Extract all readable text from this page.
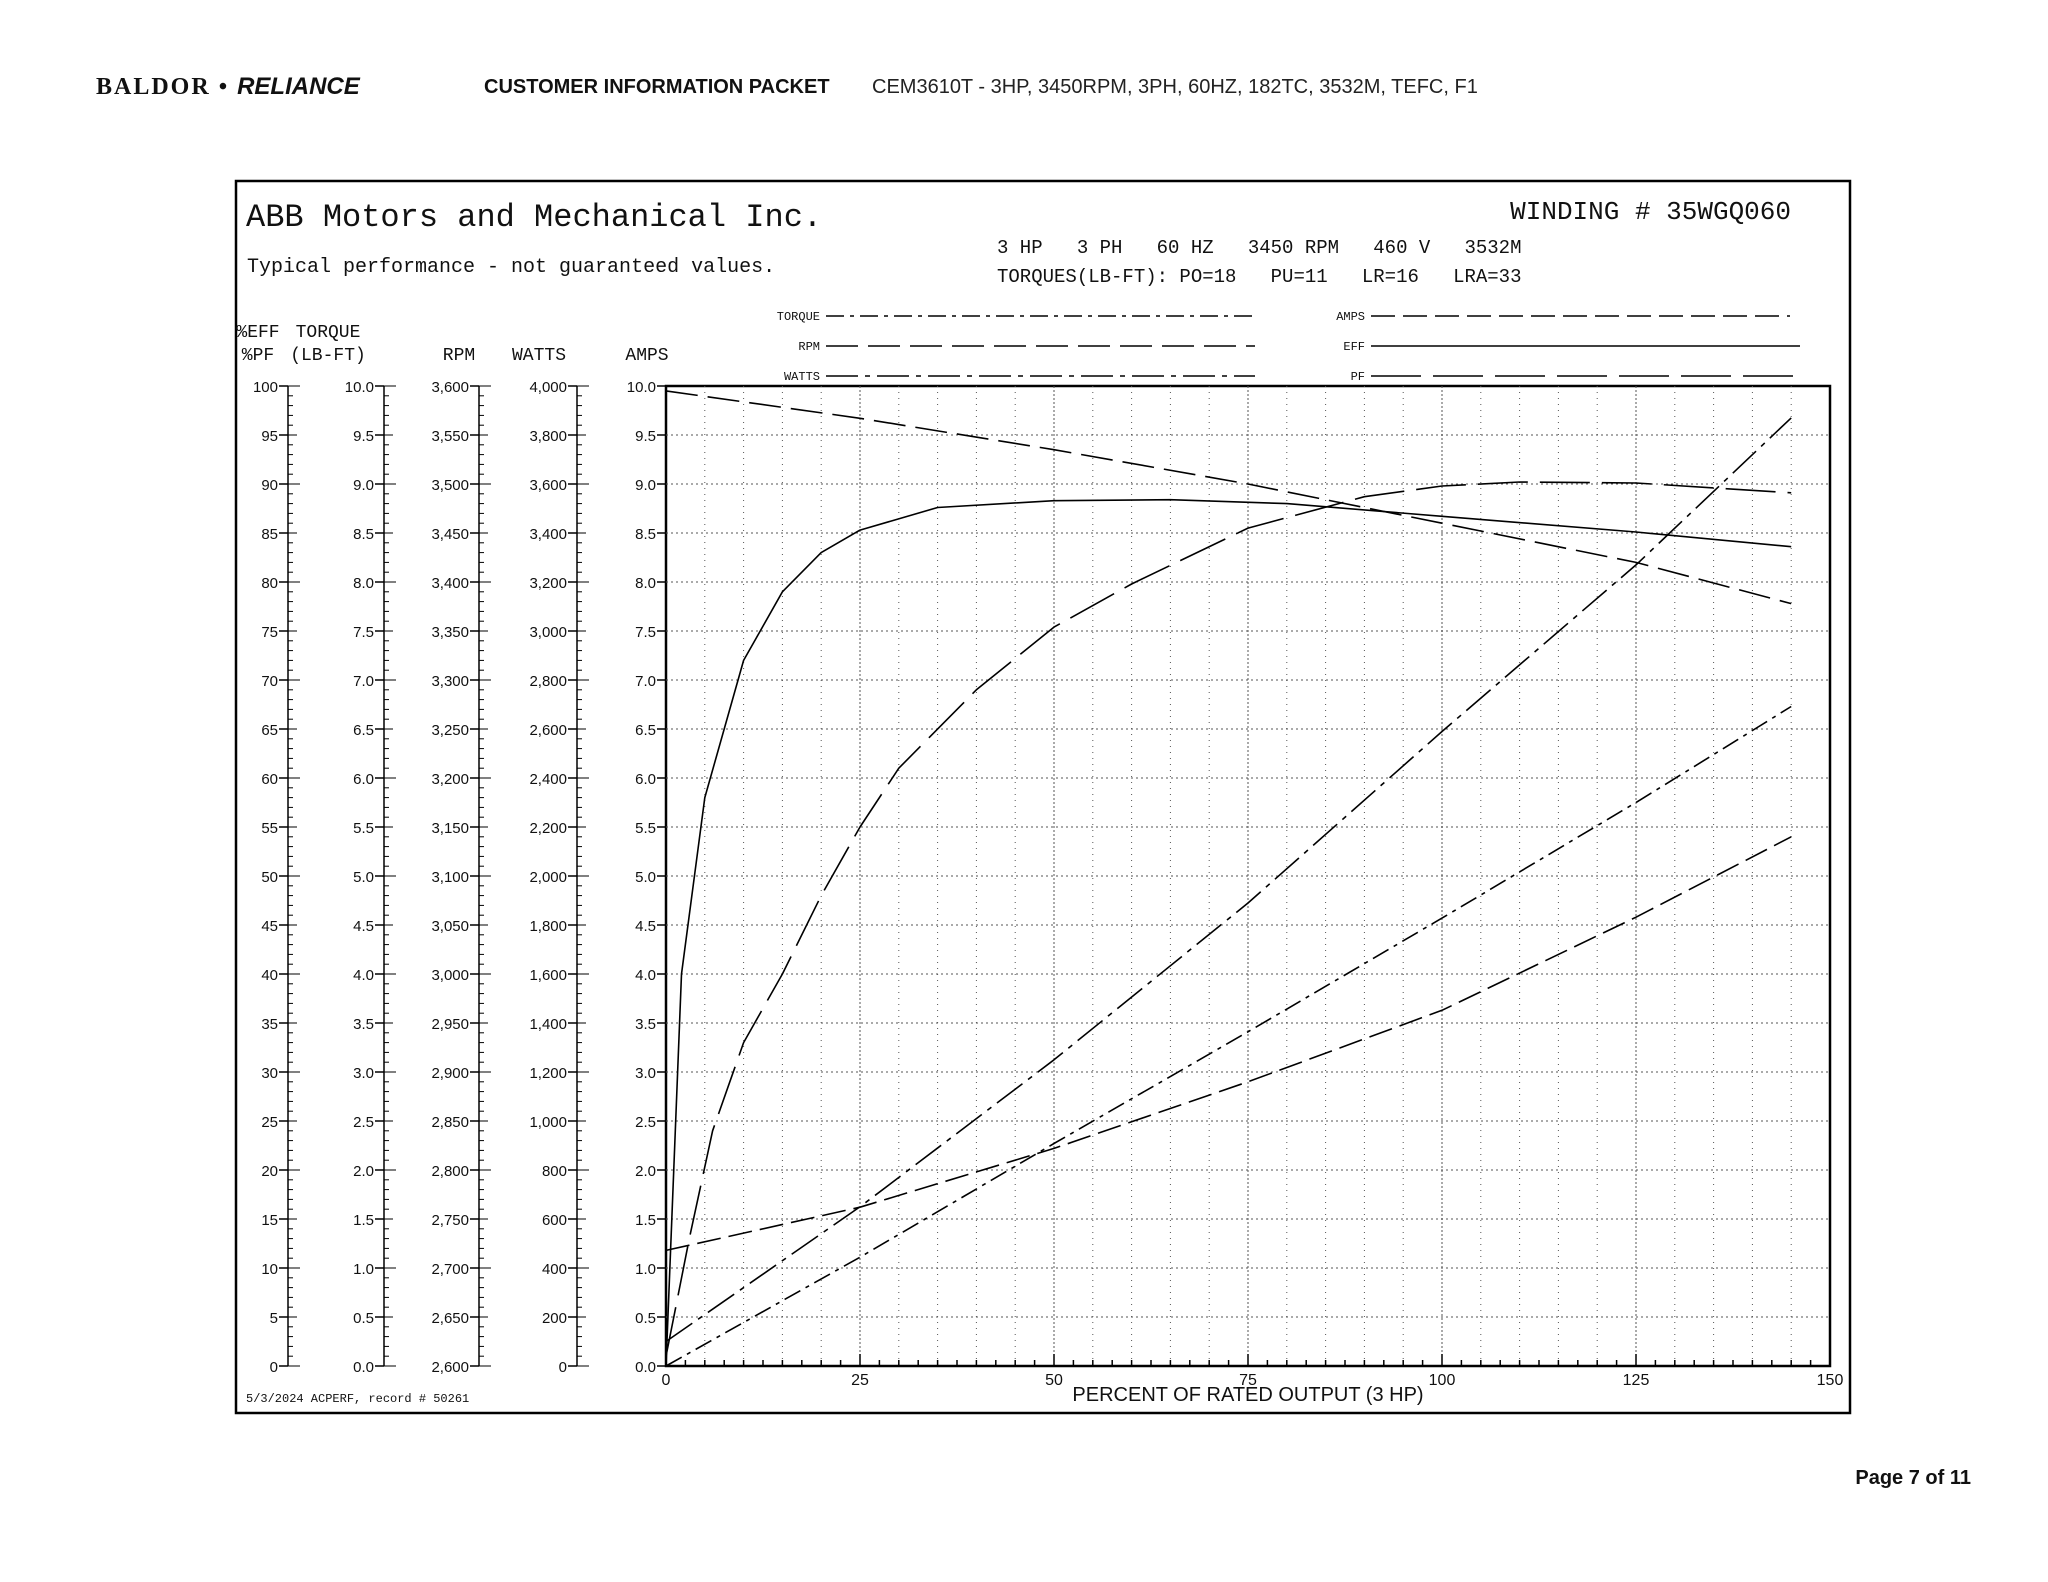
BALDOR • RELIANCE	CUSTOMER INFORMATION PACKET CEM3610T - 3HP, 3450RPM, 3PH, 60HZ, 182TC, 3532M, TEFC, F1
ABB Motors and Mechanical Inc.
Typical performance - not guaranteed values.
WINDING # 35WGQ060
3 HP   3 PH   60 HZ   3450 RPM   460 V   3532M
TORQUES(LB-FT): PO=18   PU=11   LR=16   LRA=33
TORQUE
RPM
WATTS
AMPS
EFF
PF
100
95
90
85
80
75
70
65
60
55
50
45
40
35
30
25
20
15
10
5
0
%EFF
%PF
10.0
9.5
9.0
8.5
8.0
7.5
7.0
6.5
6.0
5.5
5.0
4.5
4.0
3.5
3.0
2.5
2.0
1.5
1.0
0.5
0.0
TORQUE
(LB-FT)
3,600
3,550
3,500
3,450
3,400
3,350
3,300
3,250
3,200
3,150
3,100
3,050
3,000
2,950
2,900
2,850
2,800
2,750
2,700
2,650
2,600
RPM
4,000
3,800
3,600
3,400
3,200
3,000
2,800
2,600
2,400
2,200
2,000
1,800
1,600
1,400
1,200
1,000
800
600
400
200
0
WATTS
10.0
9.5
9.0
8.5
8.0
7.5
7.0
6.5
6.0
5.5
5.0
4.5
4.0
3.5
3.0
2.5
2.0
1.5
1.0
0.5
0.0
AMPS
0	25	50	75	100	125	150
PERCENT OF RATED OUTPUT (3 HP)
5/3/2024 ACPERF, record # 50261
Page 7 of 11
